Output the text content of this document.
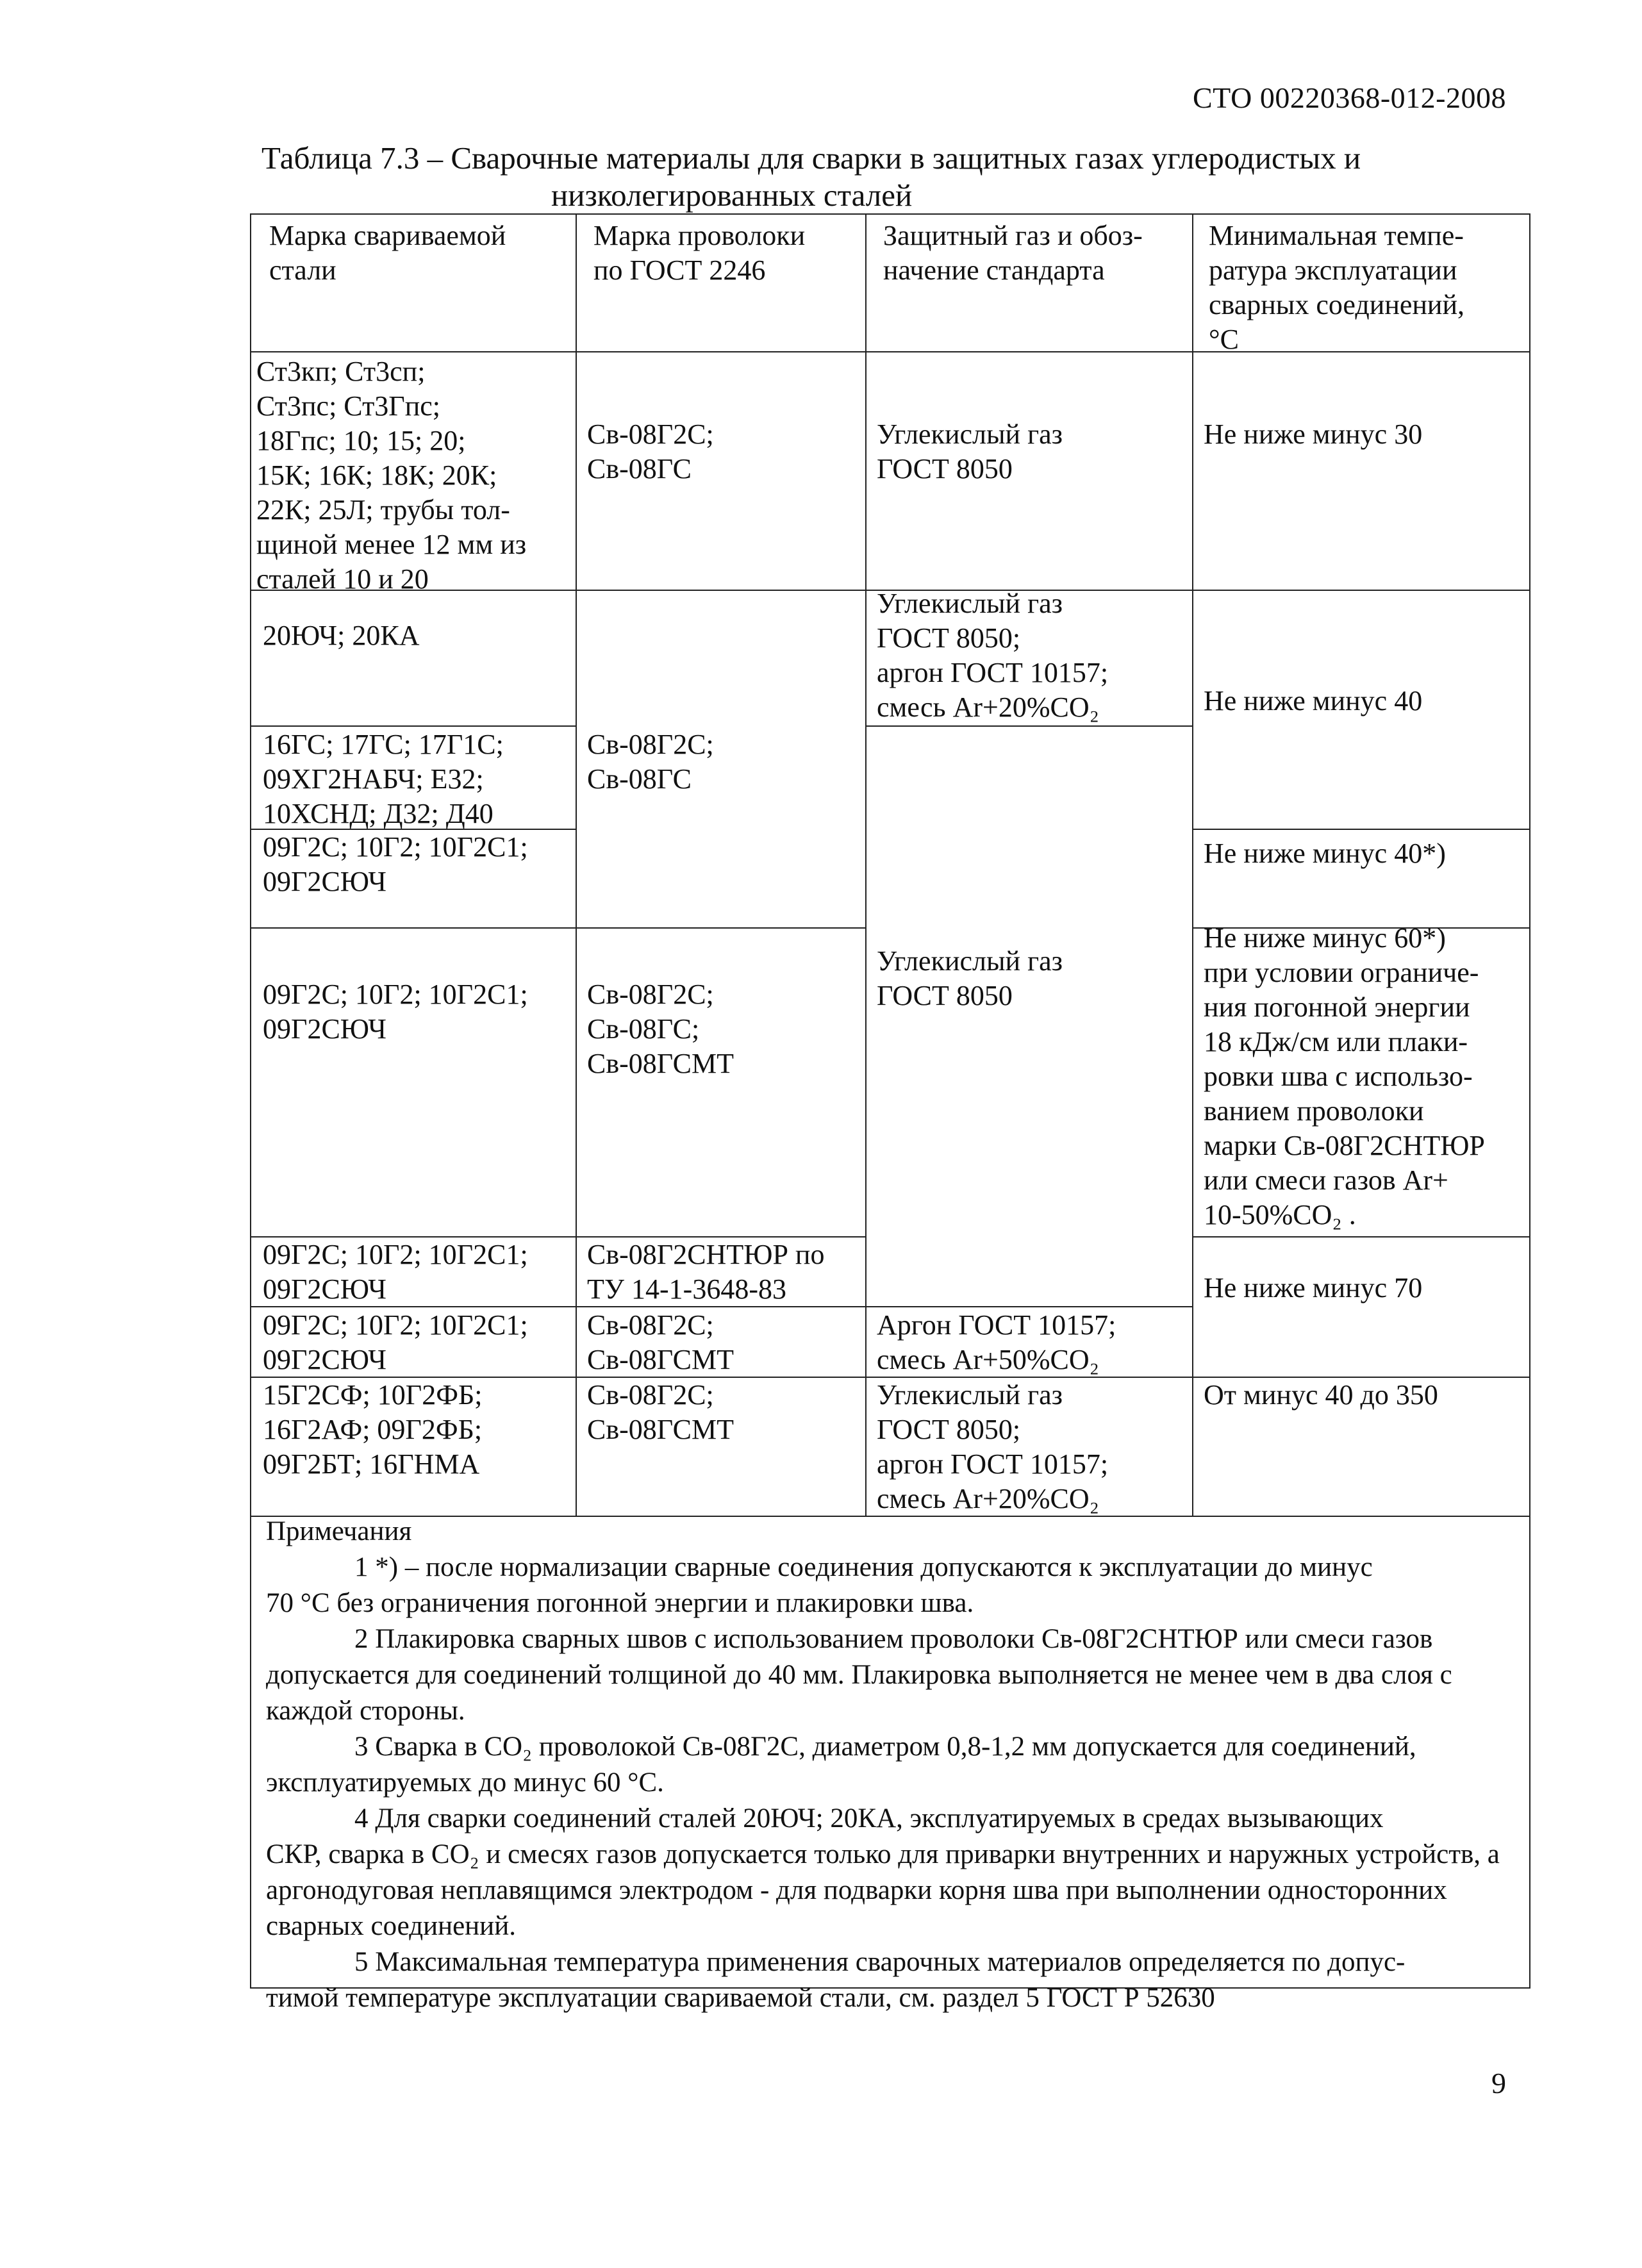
СТО 00220368-012-2008
Таблица 7.3 – Сварочные материалы для сварки в защитных газах углеродистых и
низколегированных сталей
Марка свариваемой
стали
Марка проволоки
по ГОСТ 2246
Защитный газ и обоз-
начение стандарта
Минимальная темпе-
ратура эксплуатации
сварных соединений,
°С
Ст3кп; Ст3сп;
Ст3пс; Ст3Гпс;
18Гпс; 10; 15; 20;
15К; 16К; 18К; 20К;
22К; 25Л; трубы тол-
щиной менее 12 мм из
сталей 10 и 20
20ЮЧ; 20КА
16ГС; 17ГС; 17Г1С;
09ХГ2НАБЧ; Е32;
10ХСНД; Д32; Д40
09Г2С; 10Г2; 10Г2С1;
09Г2СЮЧ
09Г2С; 10Г2; 10Г2С1;
09Г2СЮЧ
09Г2С; 10Г2; 10Г2С1;
09Г2СЮЧ
09Г2С; 10Г2; 10Г2С1;
09Г2СЮЧ
15Г2СФ; 10Г2ФБ;
16Г2АФ; 09Г2ФБ;
09Г2БТ; 16ГНМА
Св-08Г2С;
Св-08ГС
Св-08Г2С;
Св-08ГС
Св-08Г2С;
Св-08ГС;
Св-08ГСМТ
Св-08Г2СНТЮР по
ТУ 14-1-3648-83
Св-08Г2С;
Св-08ГСМТ
Св-08Г2С;
Св-08ГСМТ
Углекислый газ
ГОСТ 8050
Углекислый газ
ГОСТ 8050;
аргон ГОСТ 10157;
смесь Ar+20%CO₂
Углекислый газ
ГОСТ 8050
Аргон ГОСТ 10157;
смесь Ar+50%CO₂
Углекислый газ
ГОСТ 8050;
аргон ГОСТ 10157;
смесь Ar+20%CO₂
Не ниже минус 30
Не ниже минус 40
Не ниже минус 40*)
Не ниже минус 60*)
при условии ограниче-
ния погонной энергии
18 кДж/см или плаки-
ровки шва с использо-
ванием проволоки
марки Св-08Г2СНТЮР
или смеси газов Ar+
10-50%CO₂ .
Не ниже минус 70
От минус 40 до 350
Примечания
1 *) – после нормализации сварные соединения допускаются к эксплуатации до минус
70 °С без ограничения погонной энергии и плакировки шва.
2 Плакировка сварных швов с использованием проволоки Св-08Г2СНТЮР или смеси газов
допускается для соединений толщиной до 40 мм. Плакировка выполняется не менее чем в два слоя с каждой стороны.
3 Сварка в CO₂ проволокой Св-08Г2С, диаметром 0,8-1,2 мм допускается для соединений,
эксплуатируемых до минус 60 °С.
4 Для сварки соединений сталей 20ЮЧ; 20КА, эксплуатируемых в средах вызывающих
СКР, сварка в CO₂ и смесях газов допускается только для приварки внутренних и наружных устройств, а аргонодуговая неплавящимся электродом - для подварки корня шва при выполнении односторонних сварных соединений.
5 Максимальная температура применения сварочных материалов определяется по допус-
тимой температуре эксплуатации свариваемой стали, см. раздел 5 ГОСТ Р 52630
9
